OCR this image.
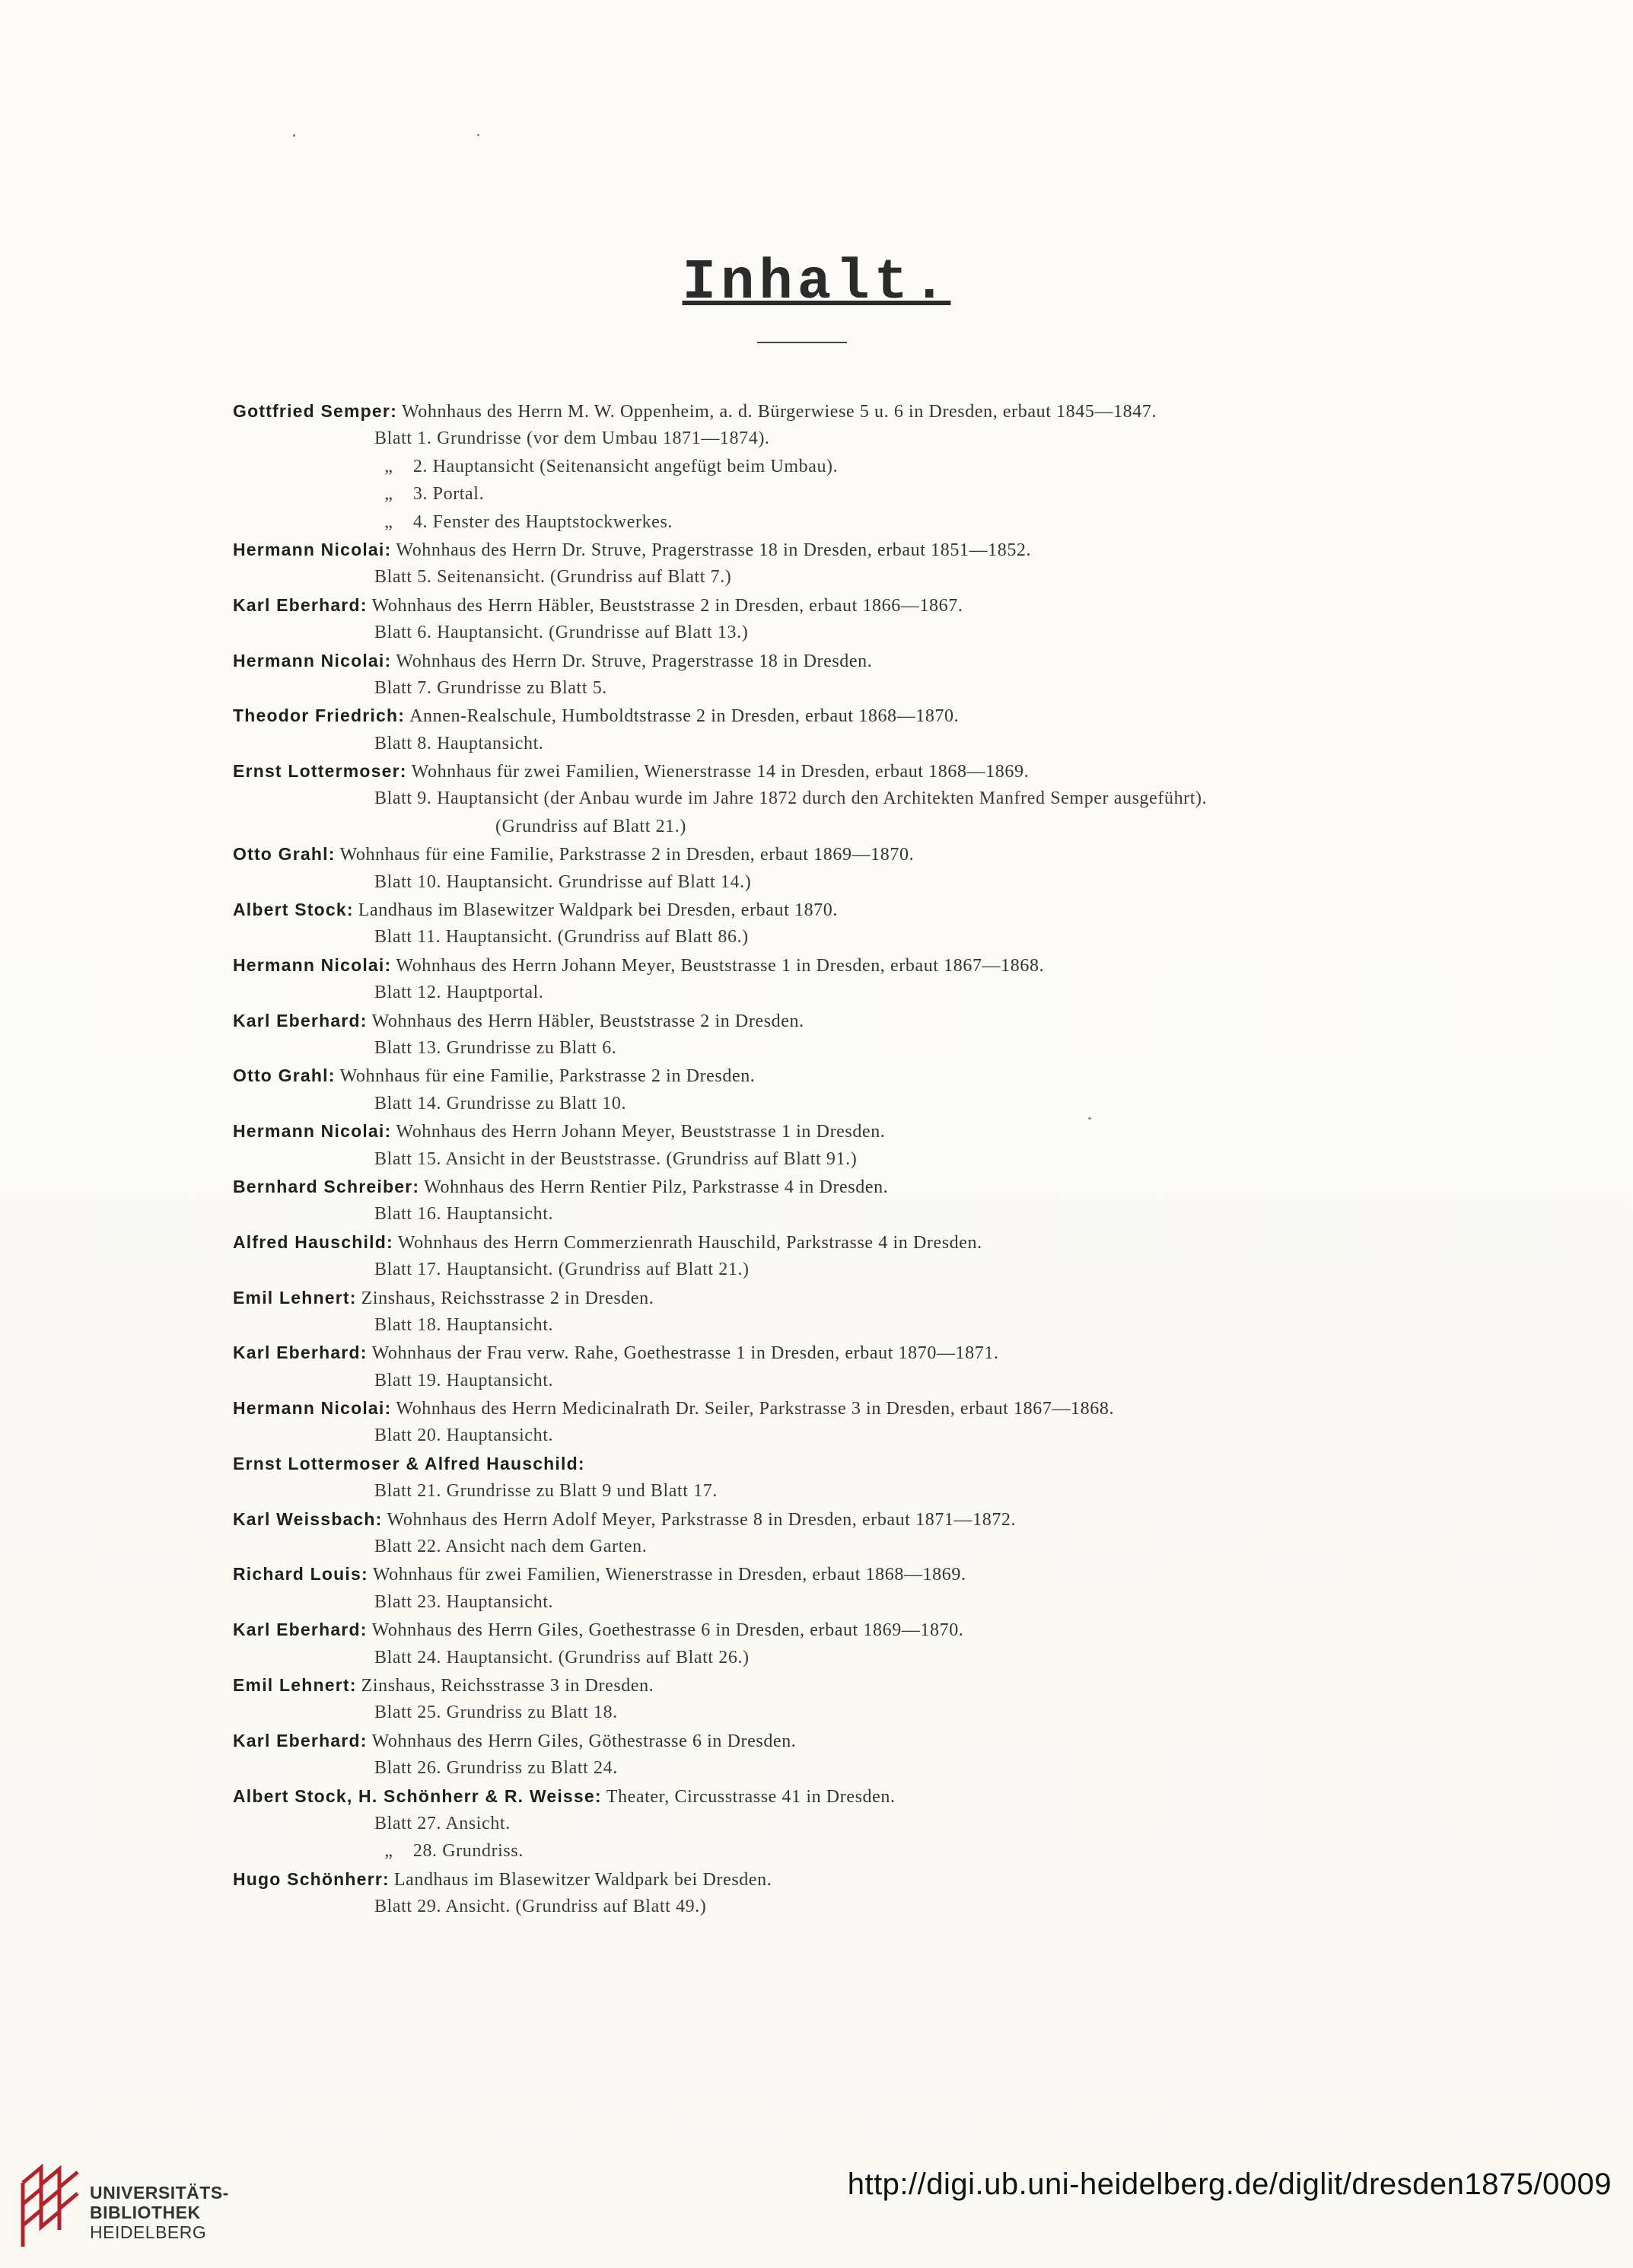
Inhalt.
Gottfried Semper: Wohnhaus des Herrn M. W. Oppenheim, a. d. Bürgerwiese 5 u. 6 in Dresden, erbaut 1845—1847.
Blatt 1. Grundrisse (vor dem Umbau 1871—1874).
„    2. Hauptansicht (Seitenansicht angefügt beim Umbau).
„    3. Portal.
„    4. Fenster des Hauptstockwerkes.
Hermann Nicolai: Wohnhaus des Herrn Dr. Struve, Pragerstrasse 18 in Dresden, erbaut 1851—1852.
Blatt 5. Seitenansicht. (Grundriss auf Blatt 7.)
Karl Eberhard: Wohnhaus des Herrn Häbler, Beuststrasse 2 in Dresden, erbaut 1866—1867.
Blatt 6. Hauptansicht. (Grundrisse auf Blatt 13.)
Hermann Nicolai: Wohnhaus des Herrn Dr. Struve, Pragerstrasse 18 in Dresden.
Blatt 7. Grundrisse zu Blatt 5.
Theodor Friedrich: Annen-Realschule, Humboldtstrasse 2 in Dresden, erbaut 1868—1870.
Blatt 8. Hauptansicht.
Ernst Lottermoser: Wohnhaus für zwei Familien, Wienerstrasse 14 in Dresden, erbaut 1868—1869.
Blatt 9. Hauptansicht (der Anbau wurde im Jahre 1872 durch den Architekten Manfred Semper ausgeführt).
(Grundriss auf Blatt 21.)
Otto Grahl: Wohnhaus für eine Familie, Parkstrasse 2 in Dresden, erbaut 1869—1870.
Blatt 10. Hauptansicht. Grundrisse auf Blatt 14.)
Albert Stock: Landhaus im Blasewitzer Waldpark bei Dresden, erbaut 1870.
Blatt 11. Hauptansicht. (Grundriss auf Blatt 86.)
Hermann Nicolai: Wohnhaus des Herrn Johann Meyer, Beuststrasse 1 in Dresden, erbaut 1867—1868.
Blatt 12. Hauptportal.
Karl Eberhard: Wohnhaus des Herrn Häbler, Beuststrasse 2 in Dresden.
Blatt 13. Grundrisse zu Blatt 6.
Otto Grahl: Wohnhaus für eine Familie, Parkstrasse 2 in Dresden.
Blatt 14. Grundrisse zu Blatt 10.
Hermann Nicolai: Wohnhaus des Herrn Johann Meyer, Beuststrasse 1 in Dresden.
Blatt 15. Ansicht in der Beuststrasse. (Grundriss auf Blatt 91.)
Bernhard Schreiber: Wohnhaus des Herrn Rentier Pilz, Parkstrasse 4 in Dresden.
Blatt 16. Hauptansicht.
Alfred Hauschild: Wohnhaus des Herrn Commerzienrath Hauschild, Parkstrasse 4 in Dresden.
Blatt 17. Hauptansicht. (Grundriss auf Blatt 21.)
Emil Lehnert: Zinshaus, Reichsstrasse 2 in Dresden.
Blatt 18. Hauptansicht.
Karl Eberhard: Wohnhaus der Frau verw. Rahe, Goethestrasse 1 in Dresden, erbaut 1870—1871.
Blatt 19. Hauptansicht.
Hermann Nicolai: Wohnhaus des Herrn Medicinalrath Dr. Seiler, Parkstrasse 3 in Dresden, erbaut 1867—1868.
Blatt 20. Hauptansicht.
Ernst Lottermoser & Alfred Hauschild:
Blatt 21. Grundrisse zu Blatt 9 und Blatt 17.
Karl Weissbach: Wohnhaus des Herrn Adolf Meyer, Parkstrasse 8 in Dresden, erbaut 1871—1872.
Blatt 22. Ansicht nach dem Garten.
Richard Louis: Wohnhaus für zwei Familien, Wienerstrasse in Dresden, erbaut 1868—1869.
Blatt 23. Hauptansicht.
Karl Eberhard: Wohnhaus des Herrn Giles, Goethestrasse 6 in Dresden, erbaut 1869—1870.
Blatt 24. Hauptansicht. (Grundriss auf Blatt 26.)
Emil Lehnert: Zinshaus, Reichsstrasse 3 in Dresden.
Blatt 25. Grundriss zu Blatt 18.
Karl Eberhard: Wohnhaus des Herrn Giles, Göthestrasse 6 in Dresden.
Blatt 26. Grundriss zu Blatt 24.
Albert Stock, H. Schönherr & R. Weisse: Theater, Circusstrasse 41 in Dresden.
Blatt 27. Ansicht.
„    28. Grundriss.
Hugo Schönherr: Landhaus im Blasewitzer Waldpark bei Dresden.
Blatt 29. Ansicht. (Grundriss auf Blatt 49.)
UNIVERSITÄTS-
BIBLIOTHEK
HEIDELBERG
http://digi.ub.uni-heidelberg.de/diglit/dresden1875/0009
